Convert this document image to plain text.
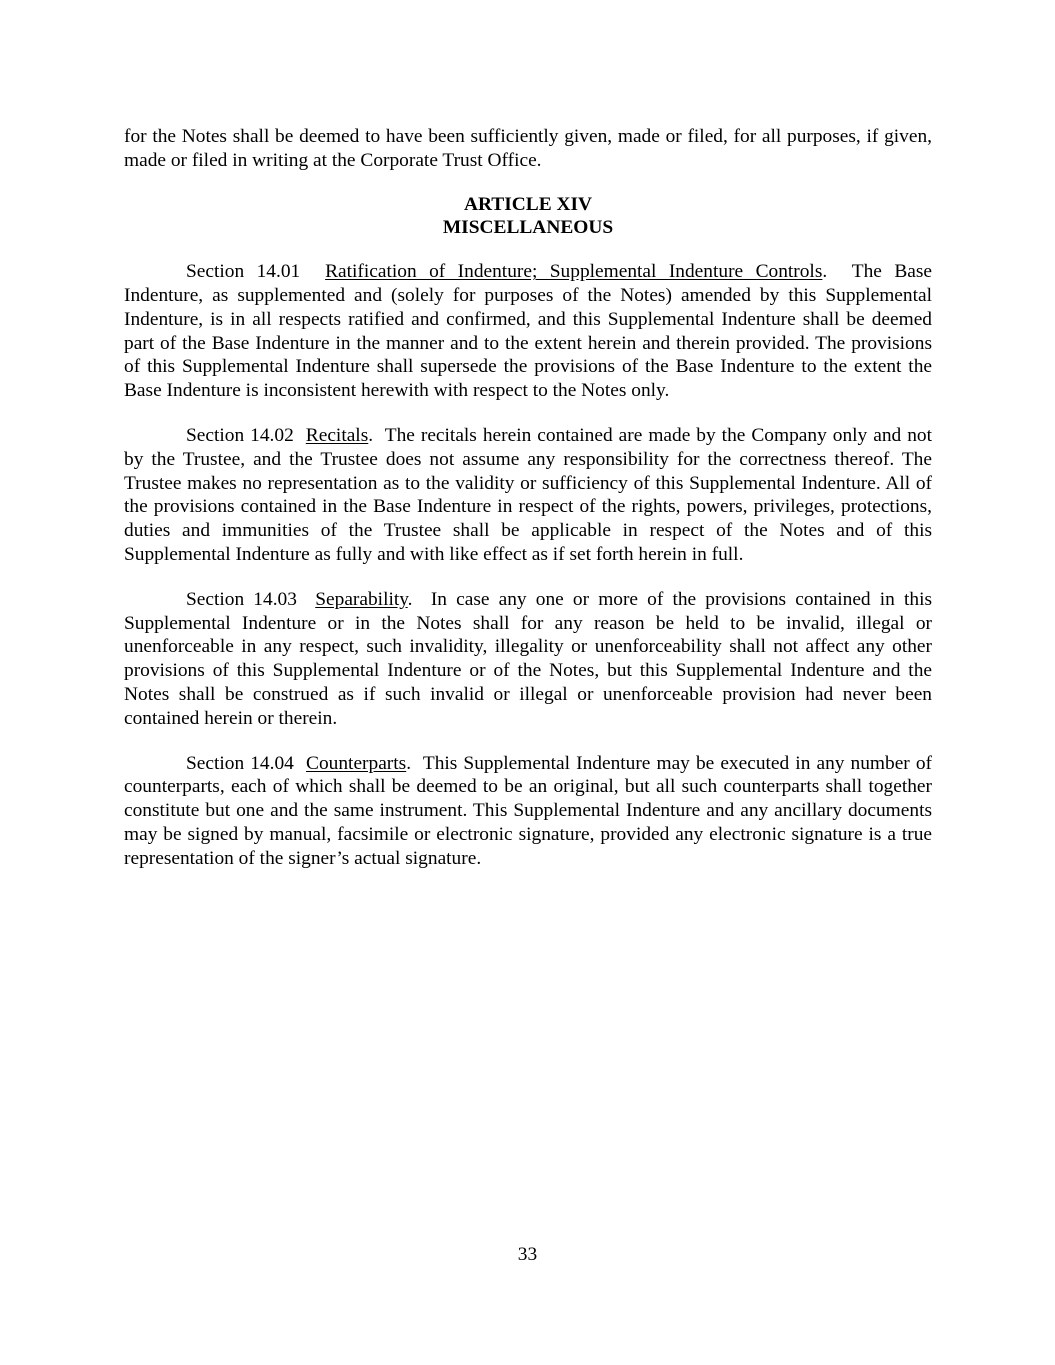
for the Notes shall be deemed to have been sufficiently given, made or filed, for all purposes, if given, made or filed in writing at the Corporate Trust Office.

ARTICLE XIV
MISCELLANEOUS

Section 14.01 Ratification of Indenture; Supplemental Indenture Controls.  The Base Indenture, as supplemented and (solely for purposes of the Notes) amended by this Supplemental Indenture, is in all respects ratified and confirmed, and this Supplemental Indenture shall be deemed part of the Base Indenture in the manner and to the extent herein and therein provided. The provisions of this Supplemental Indenture shall supersede the provisions of the Base Indenture to the extent the Base Indenture is inconsistent herewith with respect to the Notes only.

Section 14.02 Recitals.  The recitals herein contained are made by the Company only and not by the Trustee, and the Trustee does not assume any responsibility for the correctness thereof. The Trustee makes no representation as to the validity or sufficiency of this Supplemental Indenture. All of the provisions contained in the Base Indenture in respect of the rights, powers, privileges, protections, duties and immunities of the Trustee shall be applicable in respect of the Notes and of this Supplemental Indenture as fully and with like effect as if set forth herein in full.

Section 14.03 Separability.  In case any one or more of the provisions contained in this Supplemental Indenture or in the Notes shall for any reason be held to be invalid, illegal or unenforceable in any respect, such invalidity, illegality or unenforceability shall not affect any other provisions of this Supplemental Indenture or of the Notes, but this Supplemental Indenture and the Notes shall be construed as if such invalid or illegal or unenforceable provision had never been contained herein or therein.

Section 14.04 Counterparts.  This Supplemental Indenture may be executed in any number of counterparts, each of which shall be deemed to be an original, but all such counterparts shall together constitute but one and the same instrument. This Supplemental Indenture and any ancillary documents may be signed by manual, facsimile or electronic signature, provided any electronic signature is a true representation of the signer’s actual signature.

33
